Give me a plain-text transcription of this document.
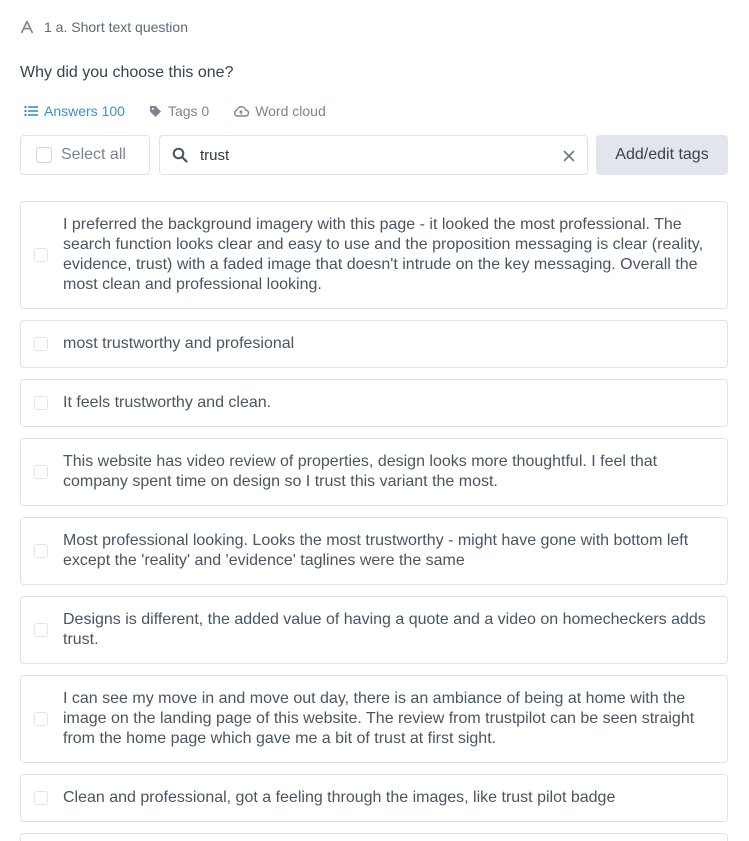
1 a. Short text question
Why did you choose this one?
Answers 100	Tags 0	Word cloud
Select all
trust	Add/edit tags
I preferred the background imagery with this page - it looked the most professional. The search function looks clear and easy to use and the proposition messaging is clear (reality, evidence, trust) with a faded image that doesn't intrude on the key messaging. Overall the most clean and professional looking.
most trustworthy and profesional
It feels trustworthy and clean.
This website has video review of properties, design looks more thoughtful. I feel that company spent time on design so I trust this variant the most.
Most professional looking. Looks the most trustworthy - might have gone with bottom left except the 'reality' and 'evidence' taglines were the same
Designs is different, the added value of having a quote and a video on homecheckers adds trust.
I can see my move in and move out day, there is an ambiance of being at home with the image on the landing page of this website. The review from trustpilot can be seen straight from the home page which gave me a bit of trust at first sight.
Clean and professional, got a feeling through the images, like trust pilot badge
